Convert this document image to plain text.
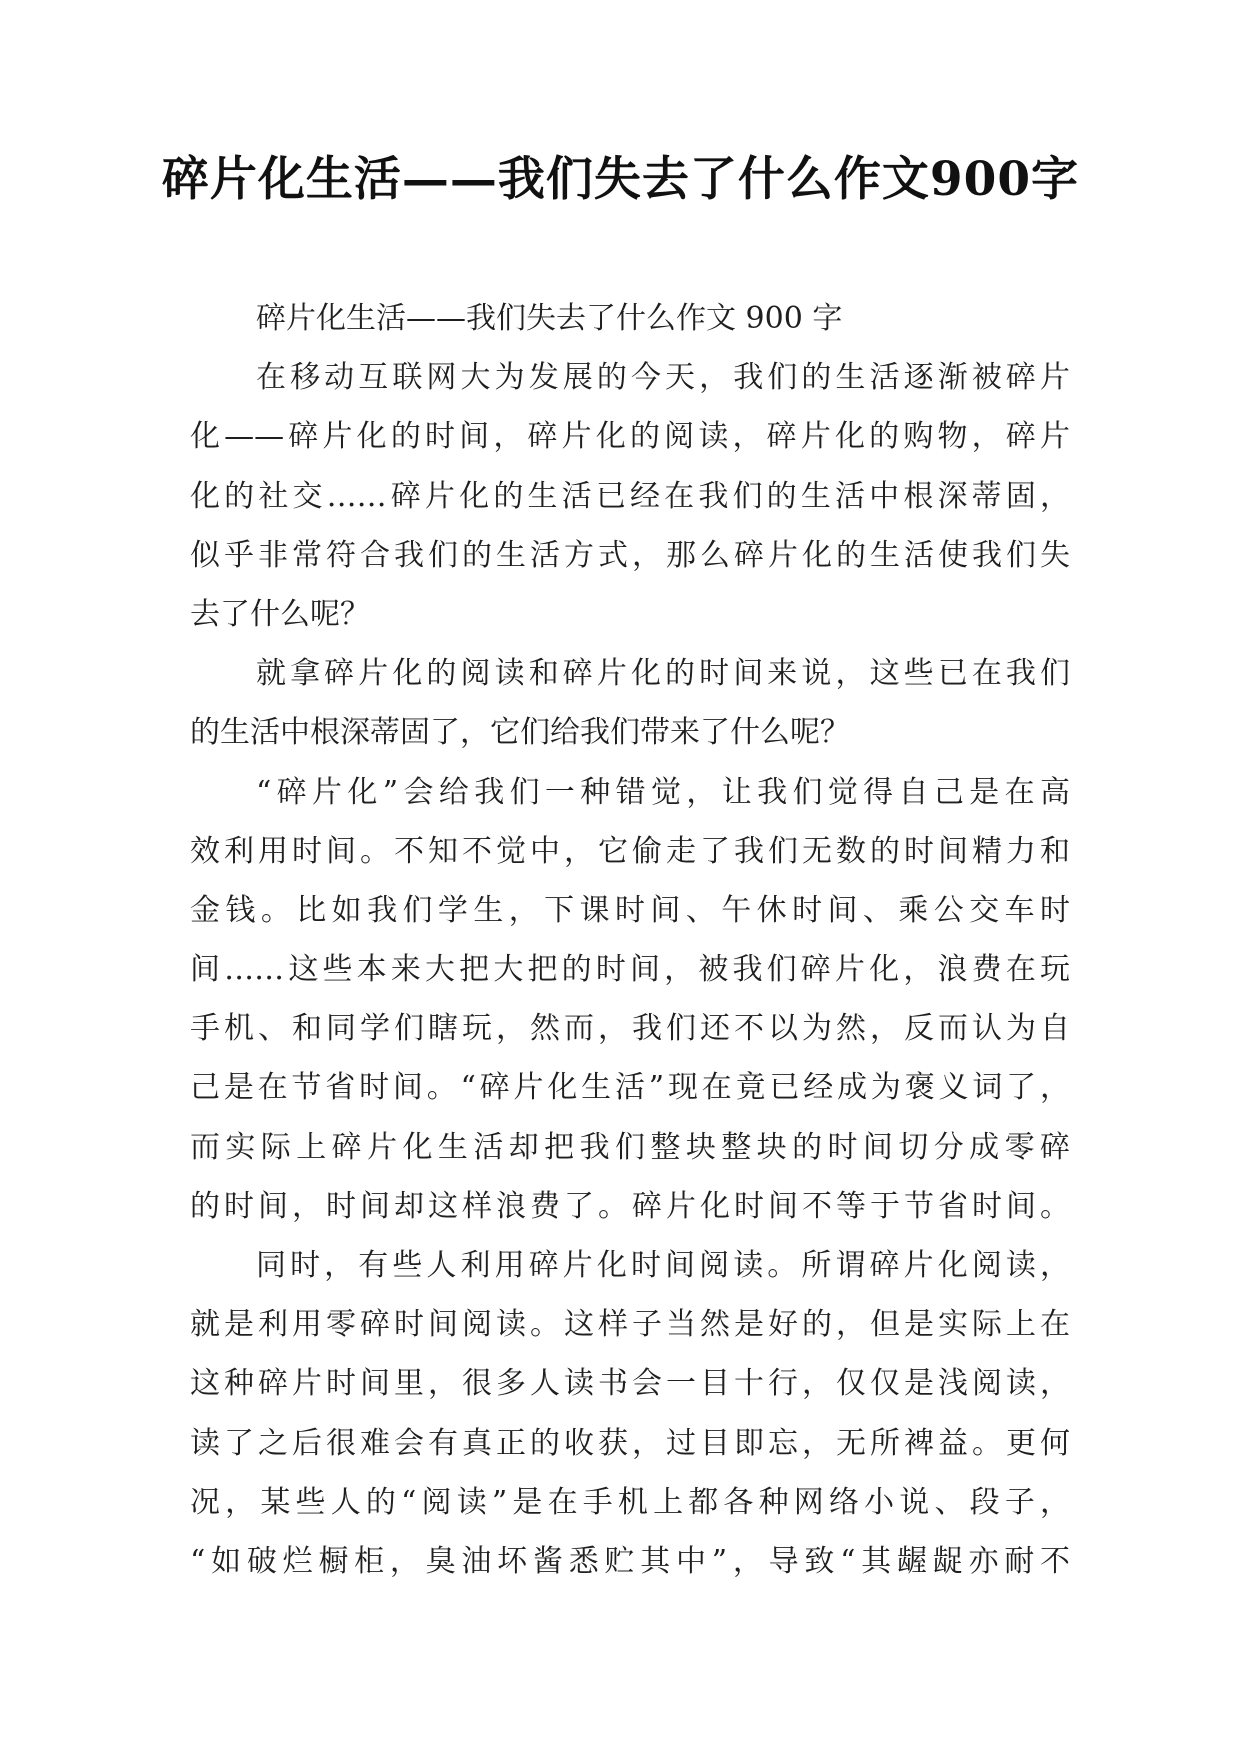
碎片化生活——我们失去了什么作文900字
碎片化生活——我们失去了什么作文 900 字
在移动互联网大为发展的今天，我们的生活逐渐被碎片
化——碎片化的时间，碎片化的阅读，碎片化的购物，碎片
化的社交……碎片化的生活已经在我们的生活中根深蒂固，
似乎非常符合我们的生活方式，那么碎片化的生活使我们失
去了什么呢？
就拿碎片化的阅读和碎片化的时间来说，这些已在我们
的生活中根深蒂固了，它们给我们带来了什么呢？
“碎片化”会给我们一种错觉，让我们觉得自己是在高
效利用时间。不知不觉中，它偷走了我们无数的时间精力和
金钱。比如我们学生，下课时间、午休时间、乘公交车时
间……这些本来大把大把的时间，被我们碎片化，浪费在玩
手机、和同学们瞎玩，然而，我们还不以为然，反而认为自
己是在节省时间。“碎片化生活”现在竟已经成为褒义词了，
而实际上碎片化生活却把我们整块整块的时间切分成零碎
的时间，时间却这样浪费了。碎片化时间不等于节省时间。
同时，有些人利用碎片化时间阅读。所谓碎片化阅读，
就是利用零碎时间阅读。这样子当然是好的，但是实际上在
这种碎片时间里，很多人读书会一目十行，仅仅是浅阅读，
读了之后很难会有真正的收获，过目即忘，无所裨益。更何
况，某些人的“阅读”是在手机上都各种网络小说、段子，
“如破烂橱柜，臭油坏酱悉贮其中”，导致“其龌龊亦耐不
